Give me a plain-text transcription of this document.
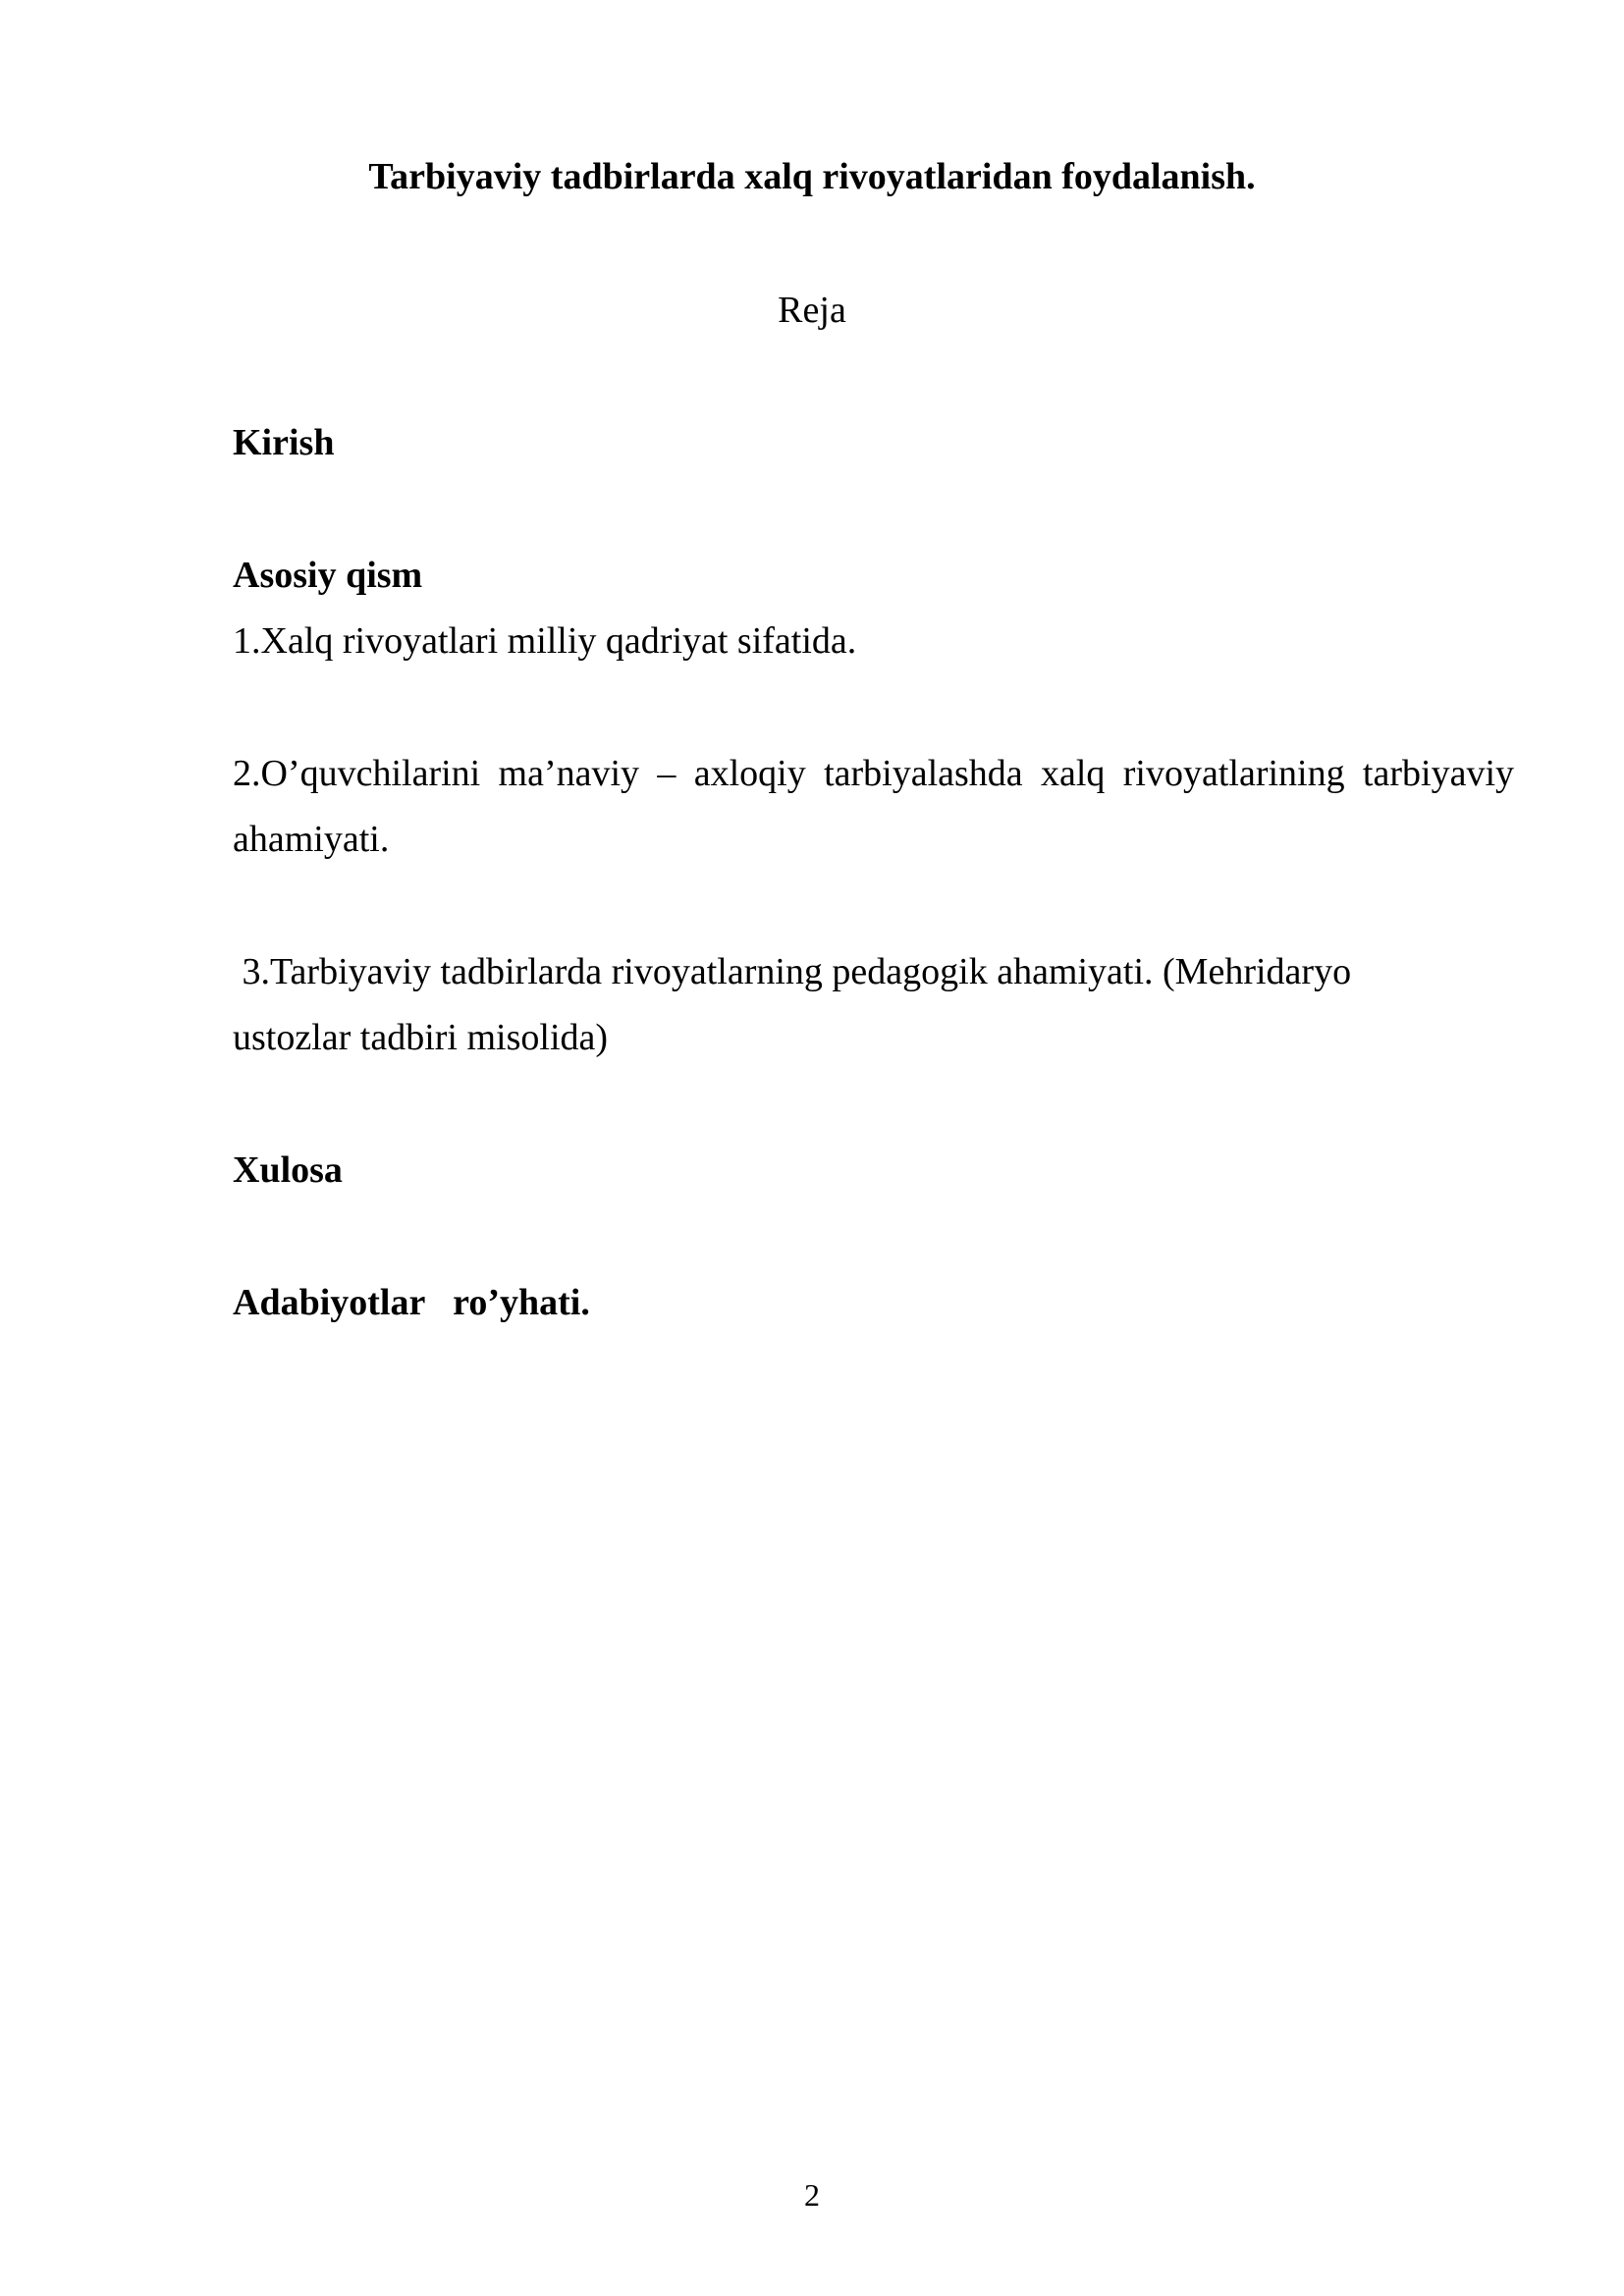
Tarbiyaviy tadbirlarda xalq rivoyatlaridan foydalanish.

Reja

Kirish

Asosiy qism

1.Xalq rivoyatlari milliy qadriyat sifatida.

2.O’quvchilarini ma’naviy – axloqiy tarbiyalashda xalq rivoyatlarining tarbiyaviy

ahamiyati.

3.Tarbiyaviy tadbirlarda rivoyatlarning pedagogik ahamiyati. (Mehridaryo

ustozlar tadbiri misolida)

Xulosa

Adabiyotlar   ro’yhati.

2
